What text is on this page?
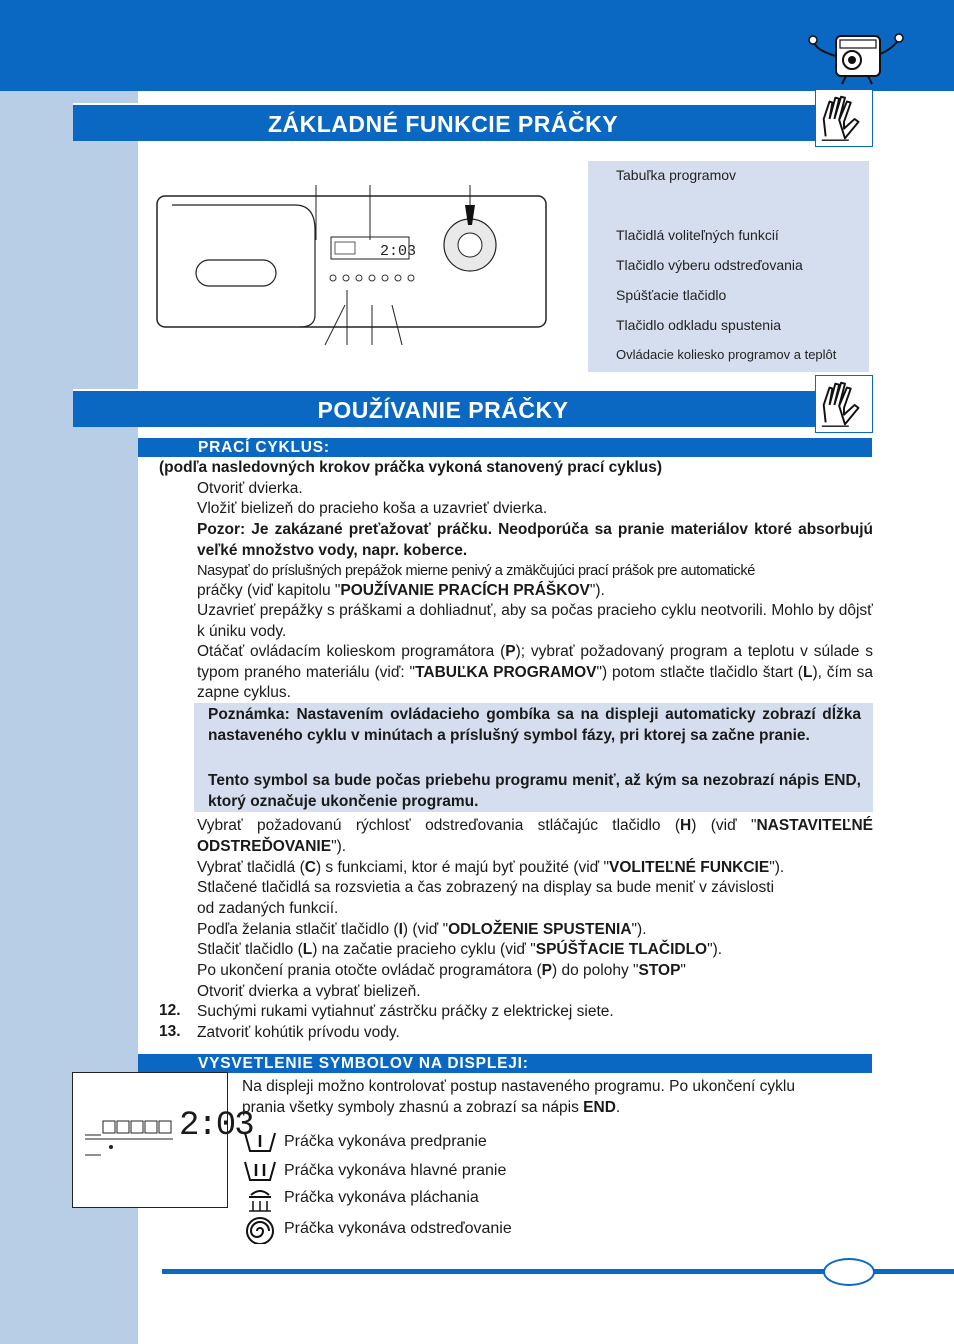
ZÁKLADNÉ FUNKCIE PRÁČKY
2:03
Tabuľka programov
Tlačidlá voliteľných funkcií
Tlačidlo výberu odstreďovania
Spúšťacie tlačidlo
Tlačidlo odkladu spustenia
Ovládacie koliesko programov a teplôt
POUŽÍVANIE PRÁČKY
PRACÍ CYKLUS:
(podľa nasledovných krokov práčka vykoná stanovený prací cyklus)
Otvoriť dvierka.
Vložiť bielizeň do pracieho koša a uzavrieť dvierka.
Pozor: Je zakázané preťažovať práčku. Neodporúča sa pranie materiálov ktoré absorbujú veľké množstvo vody, napr. koberce.
Nasypať do príslušných prepážok mierne penivý a zmäkčujúci prací prášok pre automatické
práčky (viď kapitolu "POUŽÍVANIE PRACÍCH PRÁŠKOV").
Uzavrieť prepážky s práškami a dohliadnuť, aby sa počas pracieho cyklu neotvorili. Mohlo by dôjsť k úniku vody.
Otáčať ovládacím kolieskom programátora (P); vybrať požadovaný program a teplotu v súlade s typom praného materiálu (viď: "TABUĽKA PROGRAMOV") potom stlačte tlačidlo štart (L), čím sa zapne cyklus.
Poznámka: Nastavením ovládacieho gombíka sa na displeji automaticky zobrazí dĺžka nastaveného cyklu v minútach a príslušný symbol fázy, pri ktorej sa začne pranie.
Tento symbol sa bude počas priebehu programu meniť, až kým sa nezobrazí nápis END, ktorý označuje ukončenie programu.
Vybrať požadovanú rýchlosť odstreďovania stláčajúc tlačidlo (H) (viď "NASTAVITEĽNÉ ODSTREĎOVANIE").
Vybrať tlačidlá (C) s funkciami, ktor é majú byť použité (viď "VOLITEĽNÉ FUNKCIE").
Stlačené tlačidlá sa rozsvietia a čas zobrazený na display sa bude meniť v závislosti
od zadaných funkcií.
Podľa želania stlačiť tlačidlo (I) (viď "ODLOŽENIE SPUSTENIA").
Stlačiť tlačidlo (L) na začatie pracieho cyklu (viď "SPÚŠŤACIE TLAČIDLO").
Po ukončení prania otočte ovládač programátora (P) do polohy "STOP"
Otvoriť dvierka a vybrať bielizeň.
12. Suchými rukami vytiahnuť zástrčku práčky z elektrickej siete.
13. Zatvoriť kohútik prívodu vody.
VYSVETLENIE SYMBOLOV NA DISPLEJI:
2:03
Na displeji možno kontrolovať postup nastaveného programu. Po ukončení cyklu
prania všetky symboly zhasnú a zobrazí sa nápis END.
Práčka vykonáva predpranie
Práčka vykonáva hlavné pranie
Práčka vykonáva pláchania
Práčka vykonáva odstreďovanie
